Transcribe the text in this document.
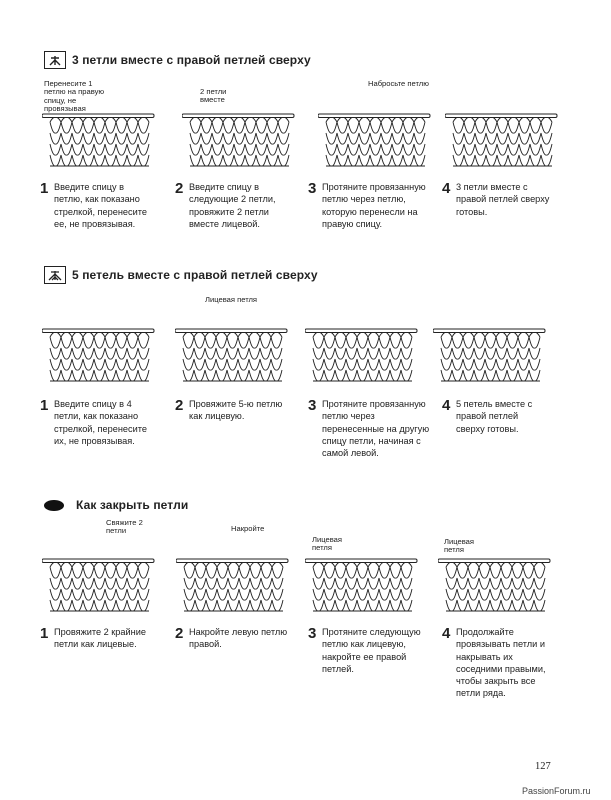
3 петли вместе с правой петлей сверху
Перенесите 1 петлю на правую спицу, не провязывая
2 петли вместе
Набросьте петлю
1 Введите спицу в петлю, как показано стрелкой, перенесите ее, не провязывая.
2 Введите спицу в следующие 2 петли, провяжите 2 петли вместе лицевой.
3 Протяните провязанную петлю через петлю, которую перенесли на правую спицу.
4 3 петли вместе с правой петлей сверху готовы.
5 петель вместе с правой петлей сверху
Лицевая петля
1 Введите спицу в 4 петли, как показано стрелкой, перенесите их, не провязывая.
2 Провяжите 5-ю петлю как лицевую.
3 Протяните провязанную петлю через перенесенные на другую спицу петли, начиная с самой левой.
4 5 петель вместе с правой петлей сверху готовы.
Как закрыть петли
Свяжите 2 петли	Накройте
Лицевая петля
Лицевая петля
1 Провяжите 2 крайние петли как лицевые.
2 Накройте левую петлю правой.
3 Протяните следующую петлю как лицевую, накройте ее правой петлей.
4 Продолжайте провязывать петли и накрывать их соседними правыми, чтобы закрыть все петли ряда.
127
PassionForum.ru
